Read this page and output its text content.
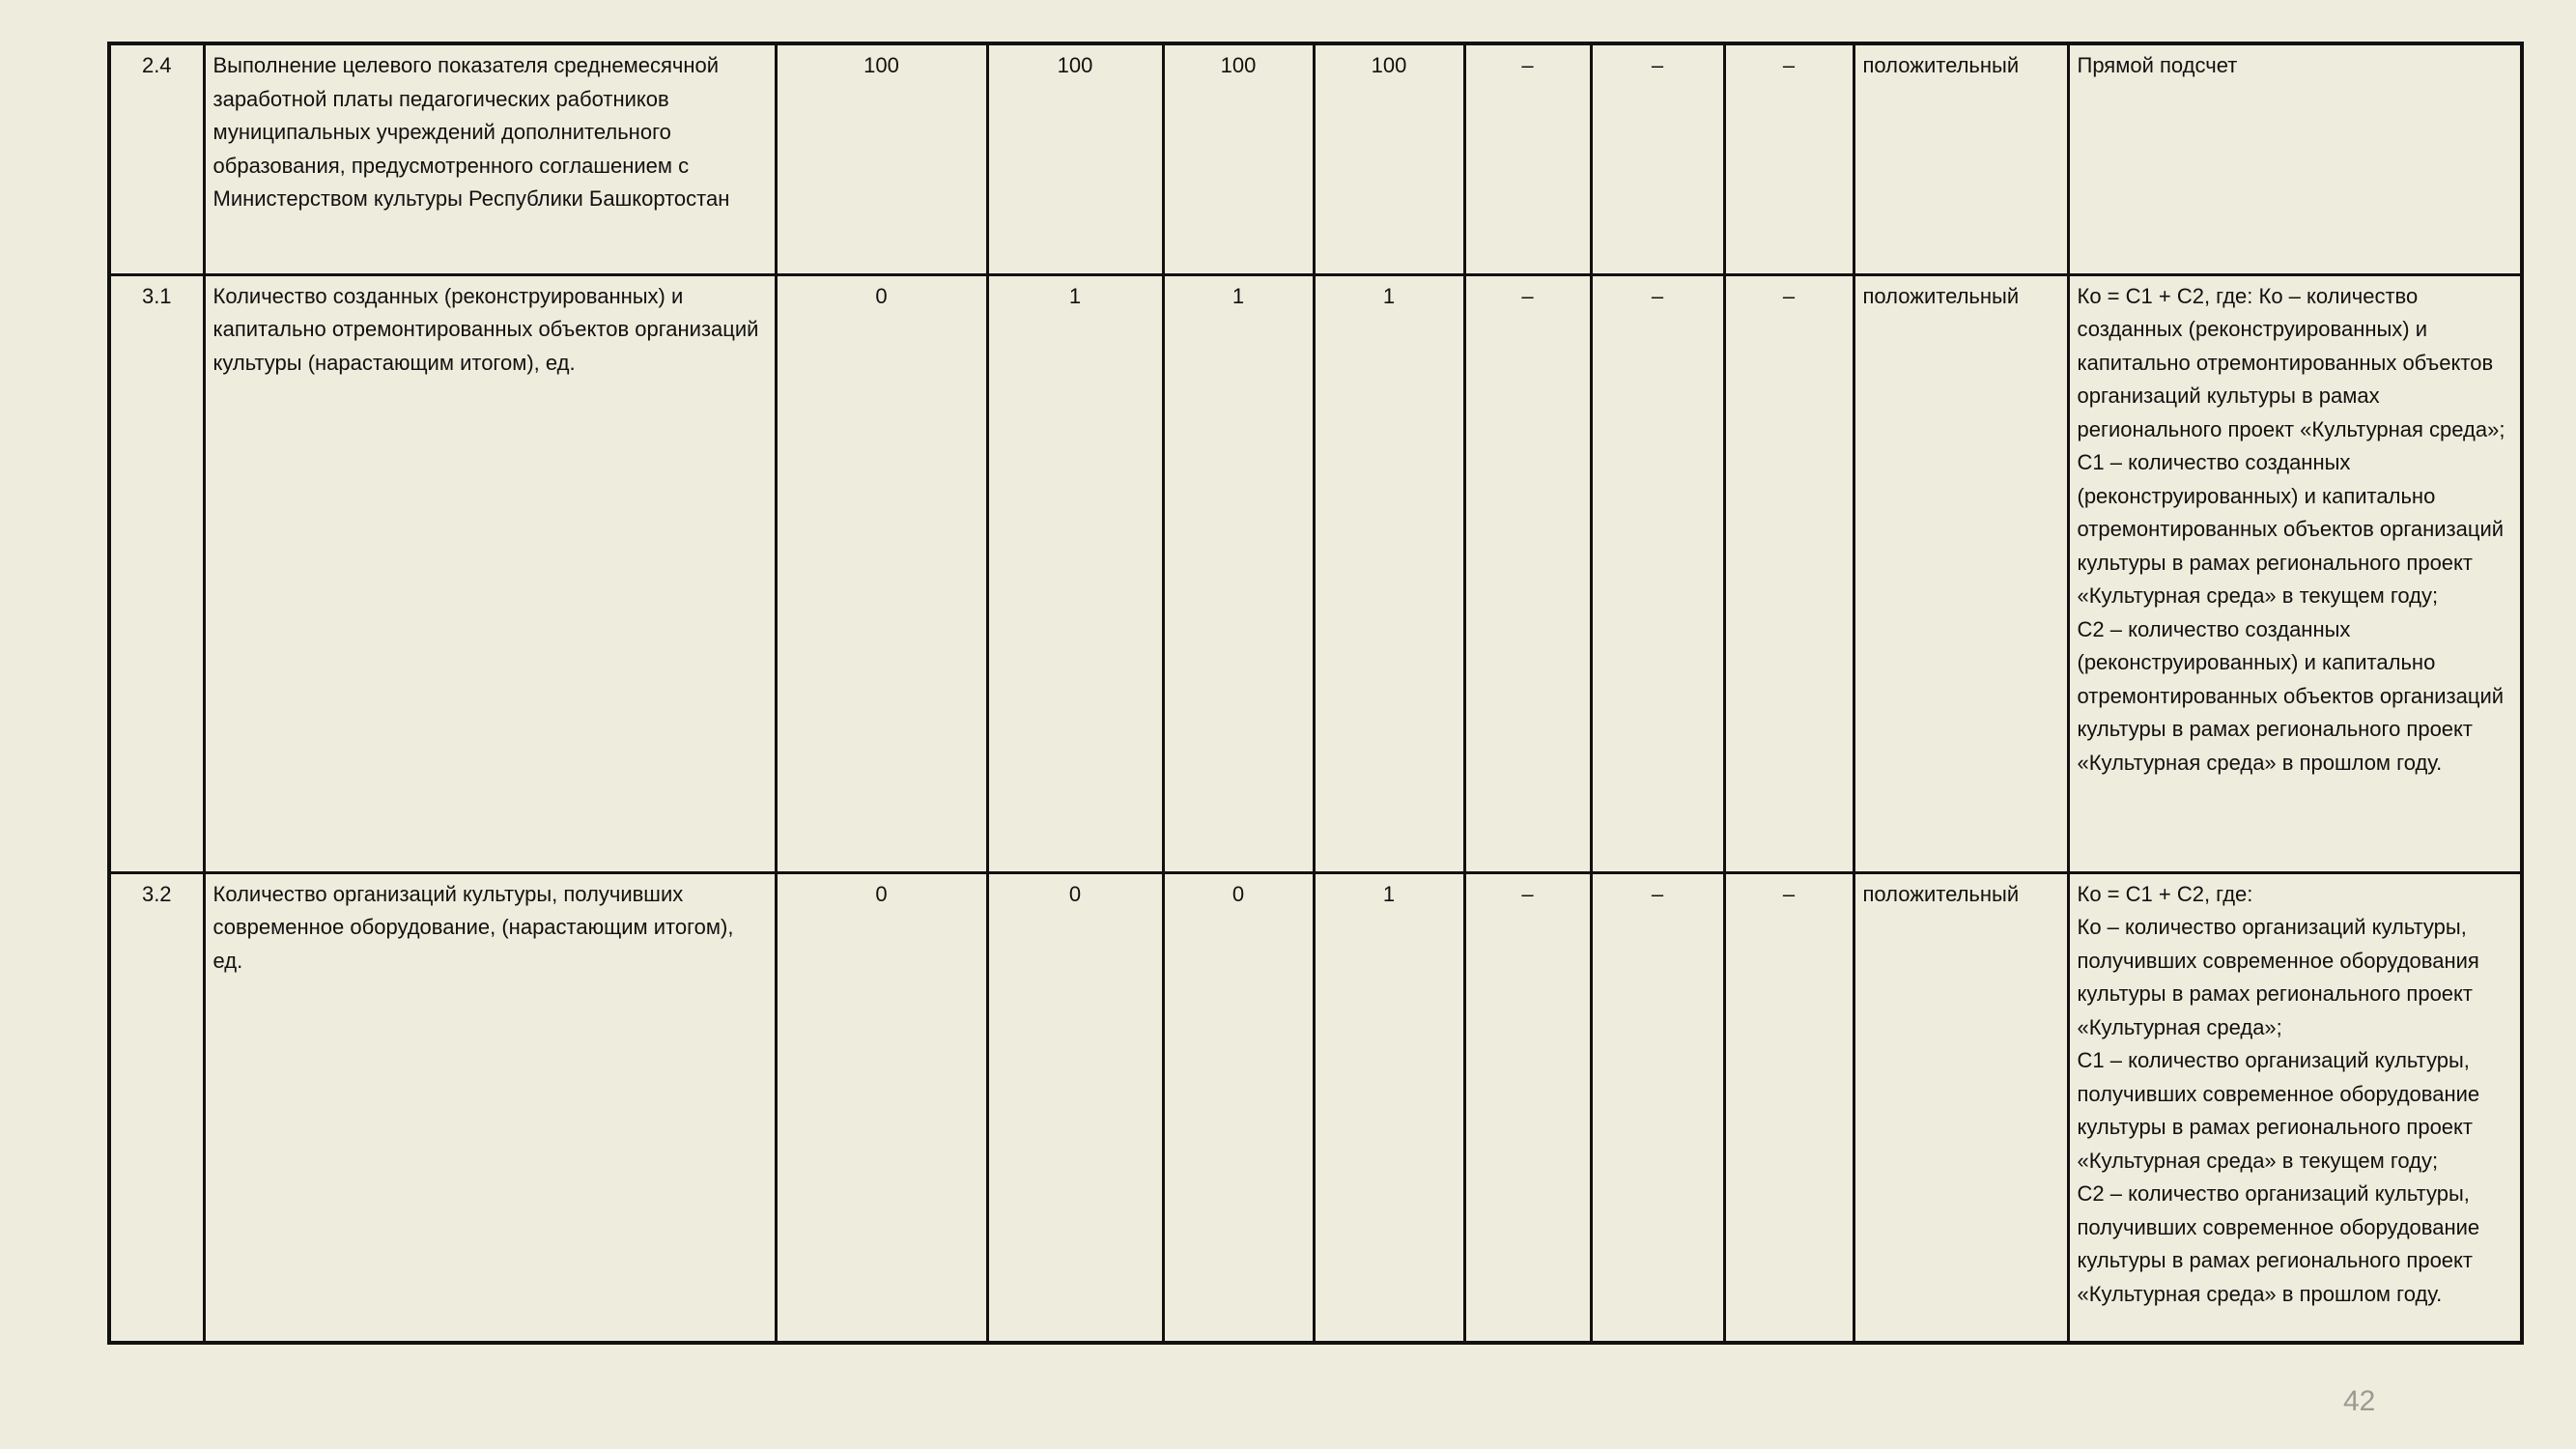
2.4	Выполнение целевого показателя среднемесячной заработной платы педагогических работников муниципальных учреждений дополнительного образования, предусмотренного соглашением с Министерством культуры Республики Башкортостан	100	100	100	100	–	–	–	положительный	Прямой подсчет
3.1	Количество созданных (реконструированных) и капитально отремонтированных объектов организаций культуры (нарастающим итогом), ед.	0	1	1	1	–	–	–	положительный	Ко = С1 + С2, где: Ко – количество созданных (реконструированных) и капитально отремонтированных объектов организаций культуры в рамах регионального проект «Культурная среда»;
С1 – количество созданных (реконструированных) и капитально отремонтированных объектов организаций культуры в рамах регионального проект «Культурная среда» в текущем году;
С2 – количество созданных (реконструированных) и капитально отремонтированных объектов организаций культуры в рамах регионального проект «Культурная среда» в прошлом году.

3.2	Количество организаций культуры, получивших современное оборудование, (нарастающим итогом), ед.	0	0	0	1	–	–	–	положительный	Ко = С1 + С2, где:
Ко – количество организаций культуры, получивших современное оборудования культуры в рамах регионального проект «Культурная среда»;
С1 – количество организаций культуры, получивших современное оборудование культуры в рамах регионального проект «Культурная среда» в текущем году;
С2 – количество организаций культуры, получивших современное оборудование культуры в рамах регионального проект «Культурная среда» в прошлом году.
42
